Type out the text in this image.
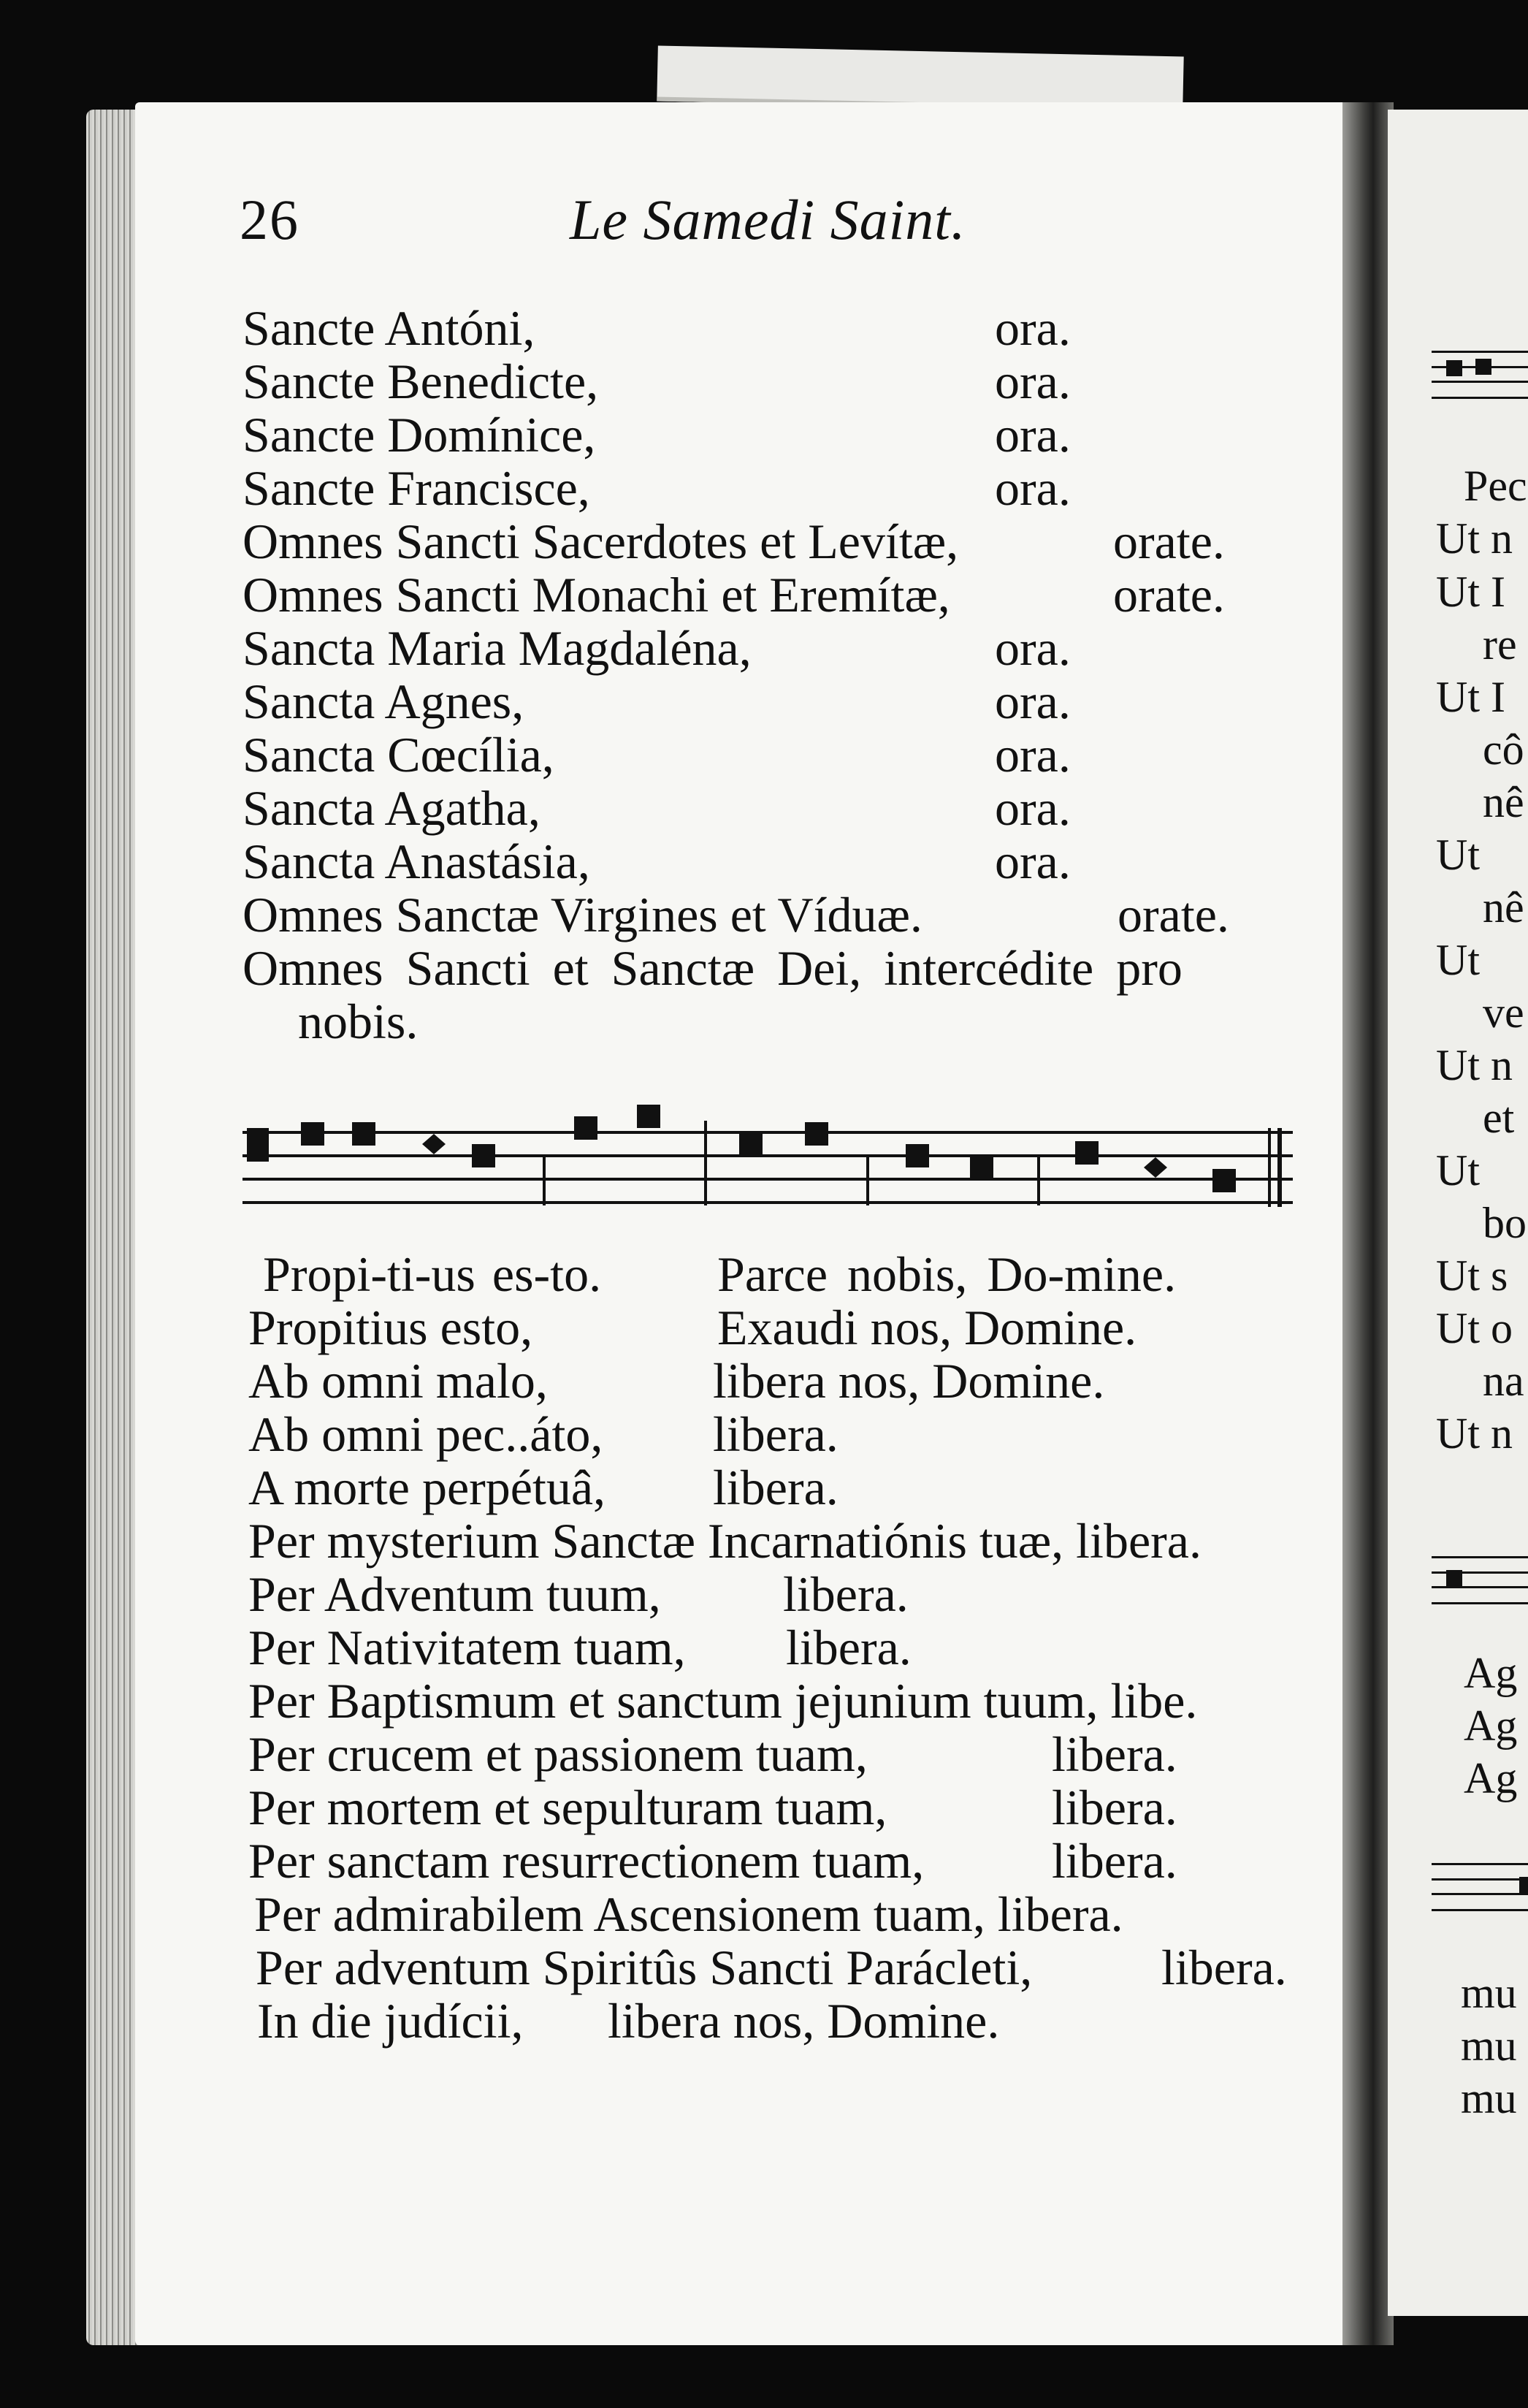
26	Le Samedi Saint.
Sancte Antóni,	ora.
Sancte Benedicte,	ora.
Sancte Domínice,	ora.
Sancte Francisce,	ora.
Omnes Sancti Sacerdotes et Levítæ,	orate.
Omnes Sancti Monachi et Eremítæ,	orate.
Sancta Maria Magdaléna,	ora.
Sancta Agnes,	ora.
Sancta Cœcília,	ora.
Sancta Agatha,	ora.
Sancta Anastásia,	ora.
Omnes Sanctæ Virgines et Víduæ.	orate.
Omnes Sancti et Sanctæ Dei, intercédite pro
nobis.
Propi-ti-us es-to. Parce nobis, Do-mine.
Propitius esto,	Exaudi nos, Domine.
Ab omni malo,	libera nos, Domine.
Ab omni pec..áto, libera.
A morte perpétuâ, libera.
Per mysterium Sanctæ Incarnatiónis tuæ, libera.
Per Adventum tuum, libera.
Per Nativitatem tuam, libera.
Per Baptismum et sanctum jejunium tuum, libe.
Per crucem et passionem tuam,	libera.
Per mortem et sepulturam tuam,	libera.
Per sanctam resurrectionem tuam,	libera.
Per admirabilem Ascensionem tuam, libera.
Per adventum Spiritûs Sancti Parácleti,	libera.
In die judícii, libera nos, Domine.
Pec
Ut n
Ut I
re
Ut I
cô
nê
Ut
nê
Ut
ve
Ut n
et
Ut
bo
Ut s
Ut o
na
Ut n
Ag
Ag
Ag
mu
mu
mu
